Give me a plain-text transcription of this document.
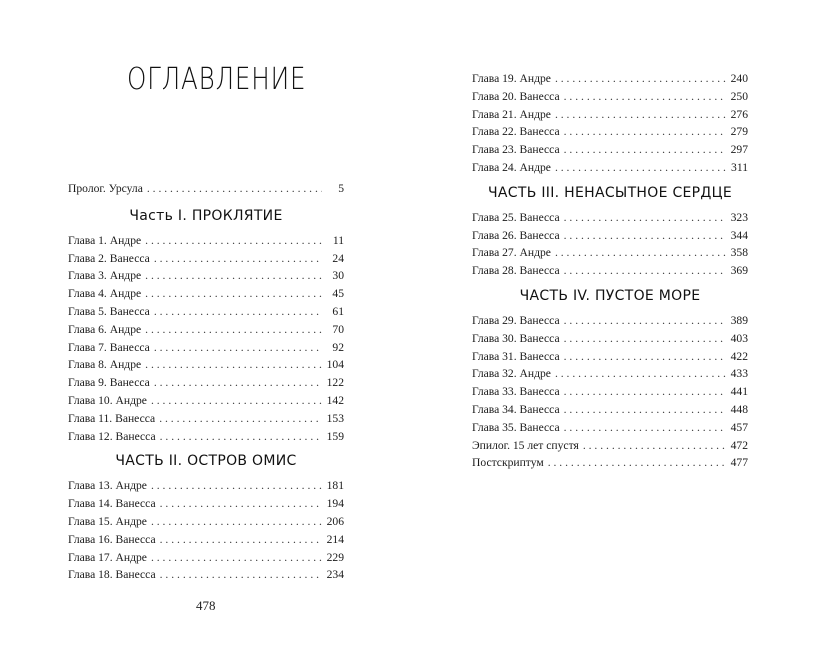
ОГЛАВЛЕНИЕ
Пролог. Урсула . . .	5
Часть I. ПРОКЛЯТИЕ
Глава 1. Андре . . .	11
Глава 2. Ванесса . . .	24
Глава 3. Андре . . .	30
Глава 4. Андре . . .	45
Глава 5. Ванесса . . .	61
Глава 6. Андре . . .	70
Глава 7. Ванесса . . .	92
Глава 8. Андре . . .	104
Глава 9. Ванесса . . .	122
Глава 10. Андре . . .	142
Глава 11. Ванесса . . .	153
Глава 12. Ванесса . . .	159
ЧАСТЬ II. ОСТРОВ ОМИС
Глава 13. Андре . . .	181
Глава 14. Ванесса . . .	194
Глава 15. Андре . . .	206
Глава 16. Ванесса . . .	214
Глава 17. Андре . . .	229
Глава 18. Ванесса . . .	234
478
Глава 19. Андре . . .	240
Глава 20. Ванесса . . .	250
Глава 21. Андре . . .	276
Глава 22. Ванесса . . .	279
Глава 23. Ванесса . . .	297
Глава 24. Андре . . .	311
ЧАСТЬ III. НЕНАСЫТНОЕ СЕРДЦЕ
Глава 25. Ванесса . . .	323
Глава 26. Ванесса . . .	344
Глава 27. Андре . . .	358
Глава 28. Ванесса . . .	369
ЧАСТЬ IV. ПУСТОЕ МОРЕ
Глава 29. Ванесса . . .	389
Глава 30. Ванесса . . .	403
Глава 31. Ванесса . . .	422
Глава 32. Андре . . .	433
Глава 33. Ванесса . . .	441
Глава 34. Ванесса . . .	448
Глава 35. Ванесса . . .	457
Эпилог. 15 лет спустя . . .	472
Постскриптум . . .	477
